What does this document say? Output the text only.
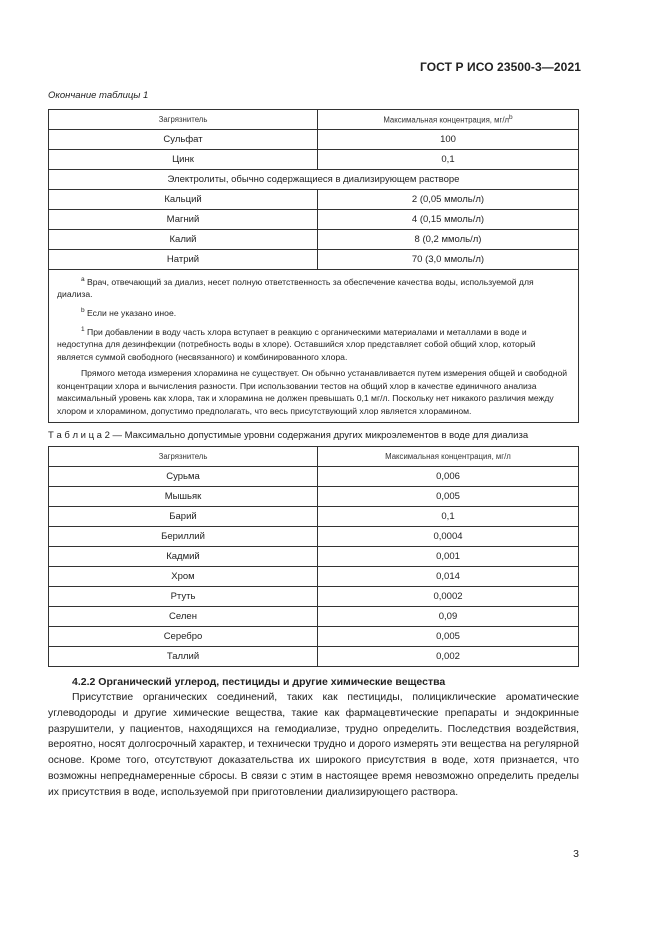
ГОСТ Р ИСО 23500-3—2021
Окончание таблицы 1
Загрязнитель	Максимальная концентрация, $мг/л^b$
Сульфат	100
Цинк	0,1
Электролиты, обычно содержащиеся в диализирующем растворе	
Кальций	2 (0,05 ммоль/л)
Магний	4 (0,15 ммоль/л)
Калий	8 (0,2 ммоль/л)
Натрий	70 (3,0 ммоль/л)

$^a$ Врач, отвечающий за диализ, несет полную ответственность за обеспечение качества воды, используемой для диализа.

$^b$ Если не указано иное.

$^1$ При добавлении в воду часть хлора вступает в реакцию с органическими материалами и металлами в воде и недоступна для дезинфекции (потребность воды в хлоре). Оставшийся хлор представляет собой общий хлор, который является суммой свободного (несвязанного) и комбинированного хлора.

Прямого метода измерения хлорамина не существует. Он обычно устанавливается путем измерения общей и свободной концентрации хлора и вычисления разности. При использовании тестов на общий хлор в качестве единичного анализа максимальный уровень как хлора, так и хлорамина не должен превышать 0,1 мг/л. Поскольку нет никакого различия между хлором и хлорамином, допустимо предполагать, что весь присутствующий хлор является хлорамином.	

Т а б л и ц а 2 — Максимально допустимые уровни содержания других микроэлементов в воде для диализа
Загрязнитель	Максимальная концентрация, мг/л
Сурьма	0,006
Мышьяк	0,005
Барий	0,1
Бериллий	0,0004
Кадмий	0,001
Хром	0,014
Ртуть	0,0002
Селен	0,09
Серебро	0,005
Таллий	0,002
4.2.2 Органический углерод, пестициды и другие химические вещества

Присутствие органических соединений, таких как пестициды, полициклические ароматические углеводороды и другие химические вещества, такие как фармацевтические препараты и эндокринные разрушители, у пациентов, находящихся на гемодиализе, трудно определить. Последствия воздействия, вероятно, носят долгосрочный характер, и технически трудно и дорого измерять эти вещества на регулярной основе. Кроме того, отсутствуют доказательства их широкого присутствия в воде, хотя признается, что возможны непреднамеренные сбросы. В связи с этим в настоящее время невозможно определить пределы их присутствия в воде, используемой при приготовлении диализирующего раствора.

3
